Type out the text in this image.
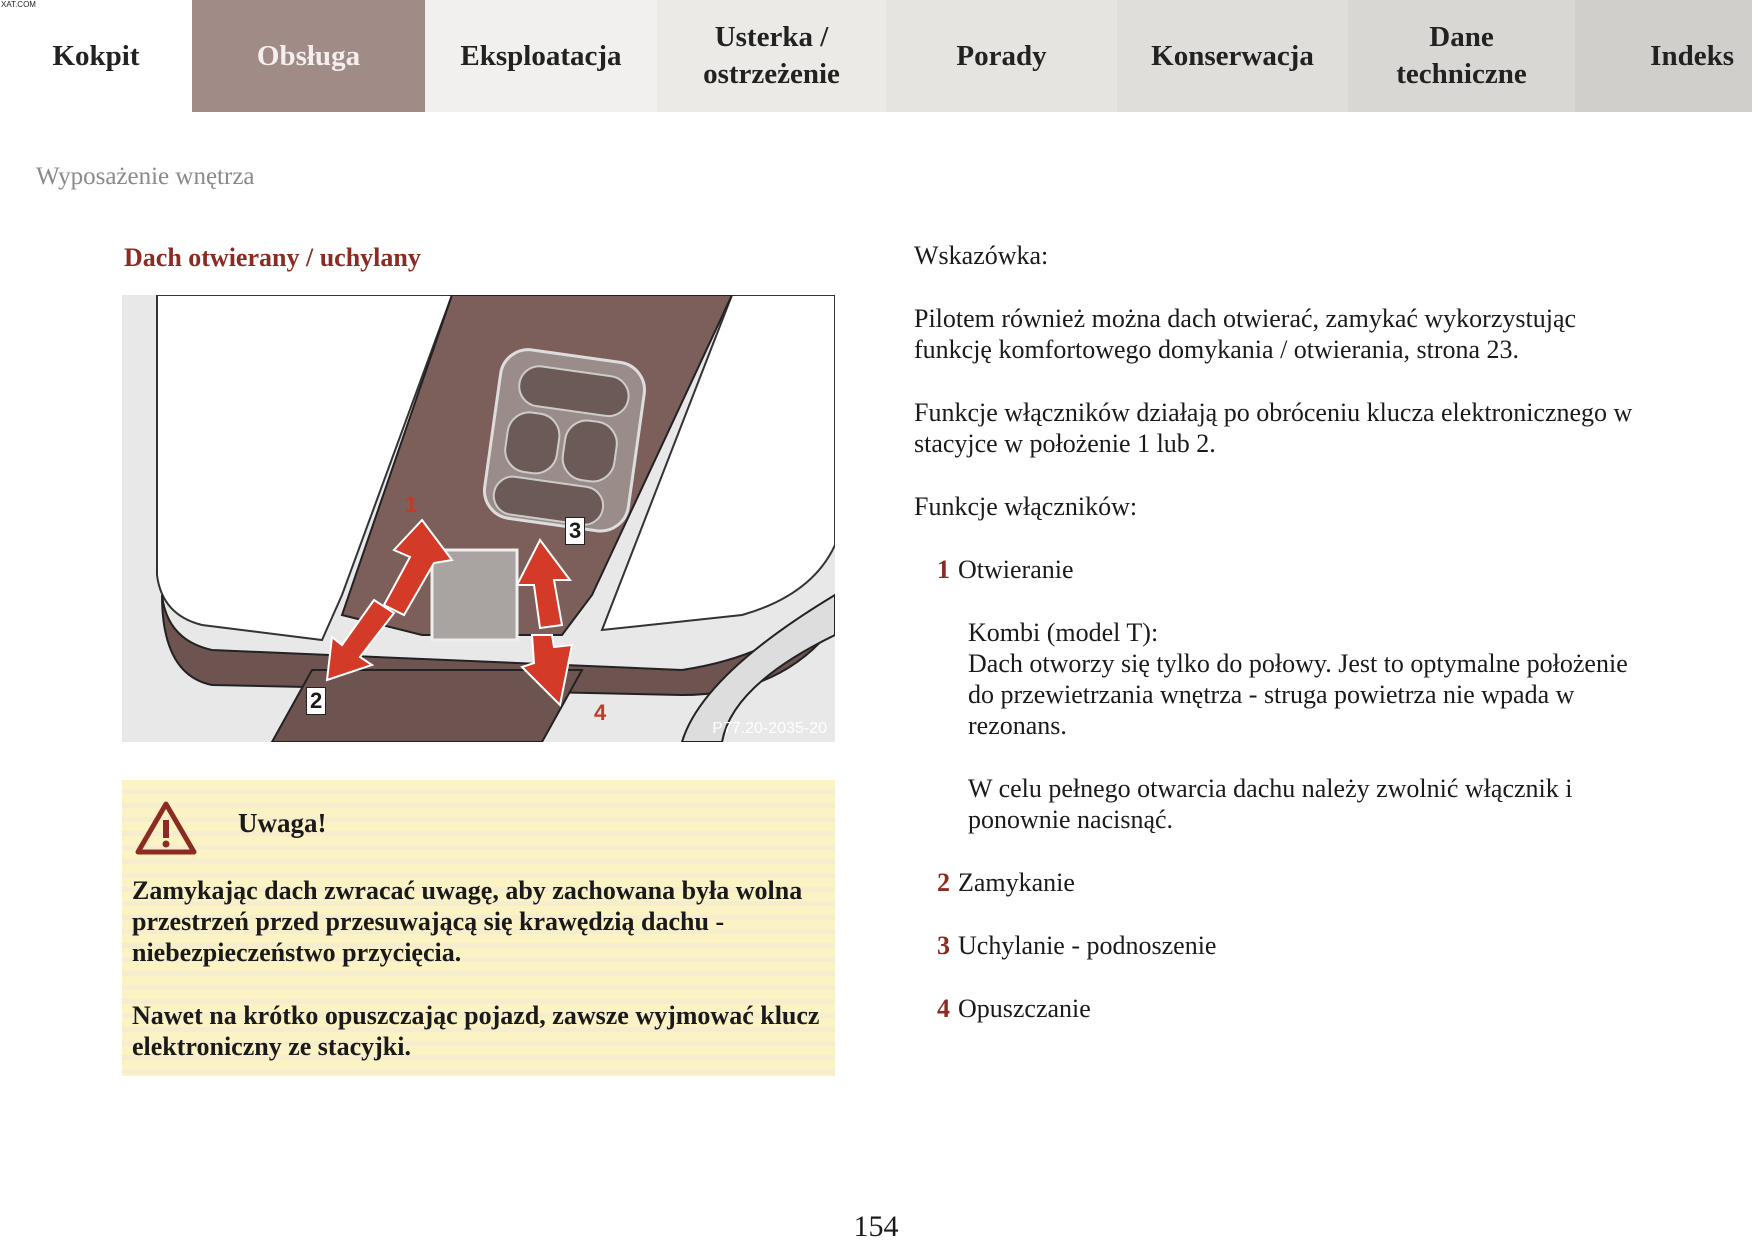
Kokpit	Obsługa	Eksploatacja
Usterka / ostrzeżenie
Porady	Konserwacja
Dane techniczne
Indeks
XAT.COM
Wyposażenie wnętrza
Dach otwierany / uchylany
1
2
3
4
P77.20-2035-20
Uwaga!

Zamykając dach zwracać uwagę, aby zachowana była wolna przestrzeń przed przesuwającą się krawędzią dachu - niebezpieczeństwo przycięcia.

Nawet na krótko opuszczając pojazd, zawsze wyjmować klucz elektroniczny ze stacyjki.

Wskazówka:

Pilotem również można dach otwierać, zamykać wykorzystując funkcję komfortowego domykania / otwierania, strona 23.

Funkcje włączników działają po obróceniu klucza elektronicznego w stacyjce w położenie 1 lub 2.

Funkcje włączników:

1 Otwieranie
Kombi (model T):
Dach otworzy się tylko do połowy. Jest to optymalne położenie do przewietrzania wnętrza - struga powietrza nie wpada w rezonans.
W celu pełnego otwarcia dachu należy zwolnić włącznik i ponownie nacisnąć.
2 Zamykanie
3 Uchylanie - podnoszenie
4 Opuszczanie
154
